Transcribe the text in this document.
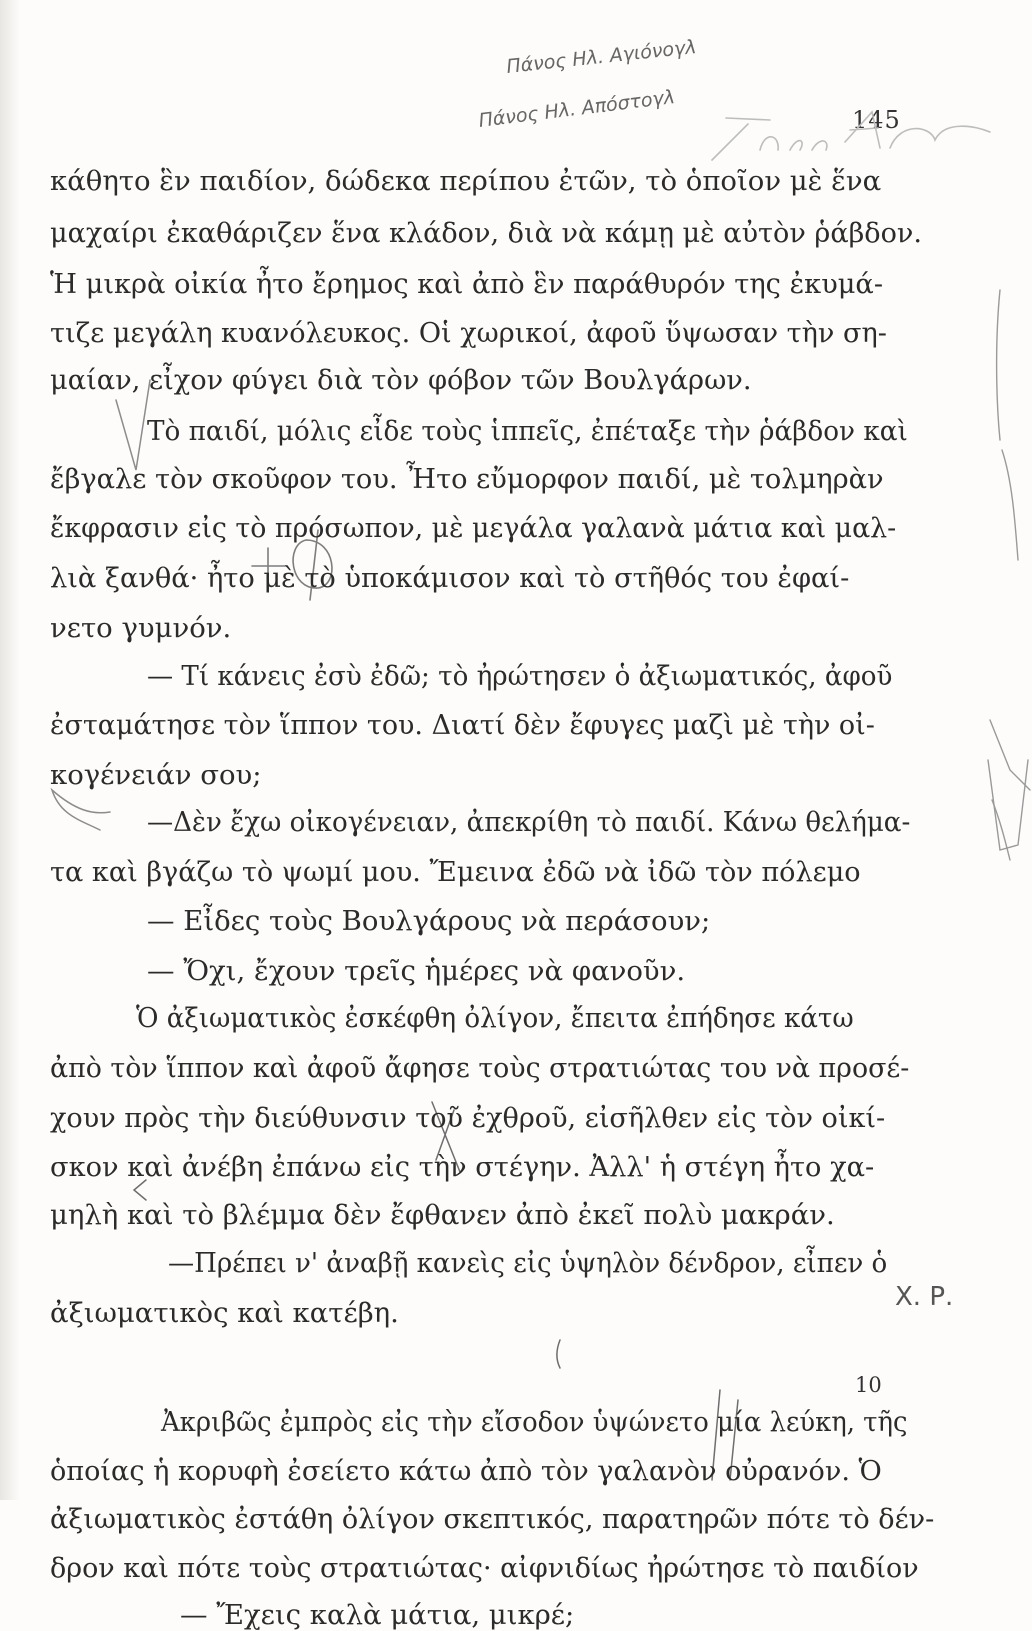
Πάνος Ηλ. Αγιόνογλ
Πάνος Ηλ. Απόστογλ	145
κάθητο ἓν παιδίον, δώδεκα περίπου ἐτῶν, τὸ ὁποῖον μὲ ἕνα
μαχαίρι ἐκαθάριζεν ἕνα κλάδον, διὰ νὰ κάμῃ μὲ αὐτὸν ῥάβδον.
Ἡ μικρὰ οἰκία ἦτο ἔρημος καὶ ἀπὸ ἓν παράθυρόν της ἐκυμά-
τιζε μεγάλη κυανόλευκος. Οἱ χωρικοί, ἀφοῦ ὕψωσαν τὴν ση-
μαίαν, εἶχον φύγει διὰ τὸν φόβον τῶν Βουλγάρων.
Τὸ παιδί, μόλις εἶδε τοὺς ἱππεῖς, ἐπέταξε τὴν ῥάβδον καὶ
ἔβγαλε τὸν σκοῦφον του. Ἦτο εὔμορφον παιδί, μὲ τολμηρὰν
ἔκφρασιν εἰς τὸ πρόσωπον, μὲ μεγάλα γαλανὰ μάτια καὶ μαλ-
λιὰ ξανθά· ἦτο μὲ τὸ ὑποκάμισον καὶ τὸ στῆθός του ἐφαί-
νετο γυμνόν.
— Τί κάνεις ἐσὺ ἐδῶ; τὸ ἠρώτησεν ὁ ἀξιωματικός, ἀφοῦ
ἐσταμάτησε τὸν ἵππον του. Διατί δὲν ἔφυγες μαζὶ μὲ τὴν οἰ-
κογένειάν σου;
—Δὲν ἔχω οἰκογένειαν, ἀπεκρίθη τὸ παιδί. Κάνω θελήμα-
τα καὶ βγάζω τὸ ψωμί μου. Ἔμεινα ἐδῶ νὰ ἰδῶ τὸν πόλεμο
— Εἶδες τοὺς Βουλγάρους νὰ περάσουν;
— Ὄχι, ἔχουν τρεῖς ἡμέρες νὰ φανοῦν.
Ὁ ἀξιωματικὸς ἐσκέφθη ὀλίγον, ἔπειτα ἐπήδησε κάτω
ἀπὸ τὸν ἵππον καὶ ἀφοῦ ἄφησε τοὺς στρατιώτας του νὰ προσέ-
χουν πρὸς τὴν διεύθυνσιν τοῦ ἐχθροῦ, εἰσῆλθεν εἰς τὸν οἰκί-
σκον καὶ ἀνέβη ἐπάνω εἰς τὴν στέγην. Ἀλλ' ἡ στέγη ἦτο χα-
μηλὴ καὶ τὸ βλέμμα δὲν ἔφθανεν ἀπὸ ἐκεῖ πολὺ μακράν.
—Πρέπει ν' ἀναβῇ κανεὶς εἰς ὑψηλὸν δένδρον, εἶπεν ὁ
ἀξιωματικὸς καὶ κατέβη.
Ἀκριβῶς ἐμπρὸς εἰς τὴν εἴσοδον ὑψώνετο μία λεύκη, τῆς
ὁποίας ἡ κορυφὴ ἐσείετο κάτω ἀπὸ τὸν γαλανὸν οὐρανόν. Ὁ
ἀξιωματικὸς ἐστάθη ὀλίγον σκεπτικός, παρατηρῶν πότε τὸ δέν-
δρον καὶ πότε τοὺς στρατιώτας· αἰφνιδίως ἠρώτησε τὸ παιδίον
— Ἔχεις καλὰ μάτια, μικρέ;
X. Ρ.
10
